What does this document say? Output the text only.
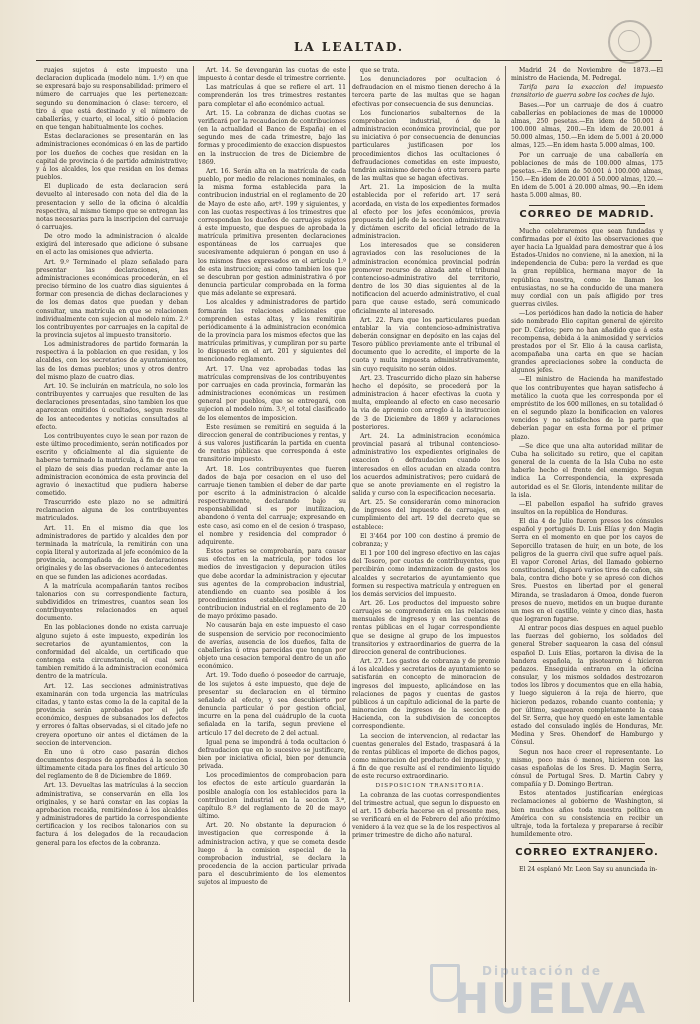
LA LEALTAD.

ruajes sujetos á este impuesto una declaracion duplicada (modelo núm. 1.º) en que se expresará bajo su responsabilidad: primero el número de carruajes que les pertenezcan: segundo su denominacion ó clase: tercero, el tiro á que está destinado y el número de caballerías, y cuarto, el local, sitio ó poblacion en que tengan habitualmente los coches.

Estas declaraciones se presentarán en las administraciones económicas ó en las de partido por los dueños de coches que residan en la capital de provincia ó de partido administrativo; y á los alcaldes, los que residan en los demas pueblos.

El duplicado de esta declaracion será devuelto al interesado con nota del dia de la presentacion y sello de la oficina ó alcaldía respectiva, al mismo tiempo que se entregan las notas necesarias para la inscripcion del carruaje ó carruajes.

De otro modo la administracion ó alcalde exigirá del interesado que adicione ó subsane en el acto las omisiones que advierta.

Art. 9.º Terminado el plazo señalado para presentar las declaraciones, las administraciones económicas procederán, en el preciso término de los cuatro dias siguientes á formar con presencia de dichas declaraciones y de los demas datos que puedan y deban consultar, una matrícula en que se relacionen individualmente con sujecion al modelo núm. 2.º los contribuyentes por carruajes en la capital de la provincia sujetos al impuesto transitorio.

Los administradores de partido formarán la respectiva á la poblacion en que residan, y los alcaldes, con los secretarios de ayuntamientos, las de los demas pueblos; unos y otros dentro del mismo plazo de cuatro dias.

Art. 10. Se incluirán en matrícula, no solo los contribuyentes y carruajes que resulten de las declaraciones presentadas, sino tambien los que aparezcan omitidos ú ocultados, segun resulte de los antecedentes y noticias consultados al efecto.

Los contribuyentes cuyo le sean por razon de este último procedimiento, serán notificados por escrito y oficialmente al dia siguiente de haberse terminado la matrícula, á fin de que en el plazo de seis dias puedan reclamar ante la administracion económica de esta provincia del agravio ó inexactitud que pudiera haberse cometido.

Trascurrido este plazo no se admitirá reclamacion alguna de los contribuyentes matriculados.

Art. 11. En el mismo dia que los administradores de partido y alcaldes den por terminada la matrícula, la remitirán con una copia literal y autorizada al jefe económico de la provincia, acompañada de las declaraciones originales y de las observaciones ó antecedentes en que se funden las adiciones acordadas.

A la matrícula acompañarán tantos recibos talonarios con su correspondiente factura, subdivididos en trimestres, cuantos sean los contribuyentes relacionados en aquel documento.

En las poblaciones donde no exista carruaje alguno sujeto á este impuesto, expedirán los secretarios de ayuntamientos, con la conformidad del alcalde, un certificado que contenga esta circunstancia, el cual será tambien remitido á la administracion económica dentro de la matrícula.

Art. 12. Las secciones administrativas examinarán con toda urgencia las matrículas citadas, y tanto estas como la de la capital de la provincia serán aprobadas por el jefe económico, despues de subsanados los defectos y errores ó faltas observadas, si el citado jefe no creyera oportuno oir antes el dictámen de la seccion de intervencion.

En uno ú otro caso pasarán dichos documentos despues de aprobados á la seccion últimamente citada para los fines del artículo 30 del reglamento de 8 de Diciembre de 1869.

Art. 13. Devueltas las matrículas á la seccion administrativa, se conservarán en ella los originales, y se hará constar en las copias la aprobacion recaida, remitiéndose á los alcaldes y administradores de partido la correspondiente certificacion y los recibos talonarios con su factura á los delegados de la recaudacion general para los efectos de la cobranza.

Art. 14. Se devengarán las cuotas de este impuesto á contar desde el trimestre corriente.

Las matrículas á que se refiere el art. 11 comprenderán los tres trimestres restantes para completar el año económico actual.

Art. 15. La cobranza de dichas cuotas se verificará por la recaudacion de contribuciones (en la actualidad el Banco de España) en el segundo mes de cada trimestre, bajo las formas y procedimiento de exaccion dispuestos en la instruccion de tres de Diciembre de 1869.

Art. 16. Serán alta en la matrícula de cada pueblo, por medio de relaciones nominales, en la misma forma establecida para la contribucion industrial en el reglamento de 20 de Mayo de este año, artº. 199 y siguientes, y con las cuotas respectivas á los trimestres que correspondan los dueños de carruajes sujetos á este impuesto, que despues de aprobada la matrícula primitiva presenten declaraciones espontáneas de los carruajes que sucesivamente adquieran ó pongan en uso á los mismos fines expresados en el artículo 1.º de esta instruccion; asi como tambien los que se descubran por gestion administrativa ó por denuncia particular comprobada en la forma que más adelante se expresará.

Los alcaldes y administradores de partido formarán las relaciones adicionales que comprenden estas altas, y las remitirán periódicamente á la administracion económica de la provincia para los mismos efectos que las matrículas primitivas, y cumpliran por su parte lo dispuesto en el art. 201 y siguientes del mencionado reglamento.

Art. 17. Una vez aprobadas todas las matrículas comprensivas de los contribuyentes por carruajes en cada provincia, formarán las administraciones económicas un resúmen general por pueblos, que se entregará, con sujecion al modelo núm. 3.º, el total clasificado de los elementos de imposicion.

Este resúmen se remitirá en seguida á la direccion general de contribuciones y rentas, y á sus valores justificarán la partida en cuenta de rentas públicas que corresponda á este transitorio impuesto.

Art. 18. Los contribuyentes que fueren dados de baja por cesacion en el uso del carruaje tienen tambien el deber de dar parte por escrito á la administracion ó alcalde respectivamente, declarando bajo su responsabilidad si es por inutilizacion, abandono ó venta del carruaje; expresando en este caso, asi como en el de cesion ó traspaso, el nombre y residencia del comprador ó adquirente.

Estos partes se comprobarán, para causar sus efectos en la matrícula, por todos los medios de investigacion y depuracion útiles que debe acordar la administracion y ejecutar sus agentes de la comprobacion industrial, atendiendo en cuanto sea posible á los procedimientos establecidos para la contribucion industrial en el reglamento de 20 de mayo próximo pasado.

No causarán baja en este impuesto el caso de suspension de servicio por reconocimiento de averías, ausencia de los dueños, falta de caballerías ú otras parecidas que tengan por objeto una cesacion temporal dentro de un año económico.

Art. 19. Todo dueño ó poseedor de carruaje, de los sujetos á este impuesto, que deje de presentar su declaracion en el término señalado al efecto, y sea descubierto por denuncia particular ó por gestion oficial, incurre en la pena del cuádruplo de la cuota señalada en la tarifa, segun previene el artículo 17 del decreto de 2 del actual.

Igual pena se impondrá á toda ocultacion ó defraudacion que en lo sucesivo se justificare, bien por iniciativa oficial, bien por denuncia privada.

Los procedimientos de comprobacion para los efectos de este artículo guardarán la posible analogía con los establecidos para la contribucion industrial en la seccion 3.ª, capítulo 8.º del reglamento de 20 de mayo último.

Art. 20. No obstante la depuracion ó investigacion que corresponde á la administracion activa, y que se cometa desde luego á la comision especial de la comprobacion industrial, se declara la procedencia de la accion particular privada para el descubrimiento de los elementos sujetos al impuesto de

que se trata.

Los denunciadores por ocultacion ó defraudacion en el mismo tienen derecho á la tercera parte de las multas que se hagan efectivas por consecuencia de sus denuncias.

Los funcionarios subalternos de la comprobacion industrial, ó de la administracion económica provincial, que por su iniciativa ó por consecuencia de denuncias particulares justificasen por los procedimientos dichos las ocultaciones ó defraudaciones cometidas en este impuesto, tendrán asimismo derecho á otra tercera parte de las multas que se hagan efectivas.

Art. 21. La imposicion de la multa establecida por el referido art. 17 será acordada, en vista de los expedientes formados al efecto por los jefes económicos, previa propuesta del jefe de la seccion administrativa y dictámen escrito del oficial letrado de la administracion.

Los interesados que se consideren agraviados con las resoluciones de la administracion económica provincial podrán promover recurso de alzada ante el tribunal contencioso-administrativo del territorio, dentro de los 30 dias siguientes al de la notificacion del acuerdo administrativo, el cual para que cause estado, será comunicado oficialmente al interesado.

Art. 22. Para que los particulares puedan entablar la via contencioso-administrativa deberán consignar en depósito en las cajas del Tesoro público previamente ante el tribunal el documento que lo acredite, el importe de la cuota y multa impuesta administrativamente, sin cuyo requisito no serán oidos.

Art. 23. Trascurrido dicho plazo sin haberse hecho el depósito, se procederá por la administracion á hacer efectivas la cuota y multa, empleando al efecto en caso necesario la via de apremio con arreglo á la instruccion de 3 de Diciembre de 1869 y aclaraciones posteriores.

Art. 24. La administracion económica provincial pasará al tribunal contencioso-administrativo los expedientes originales de exaccion ó defraudacion cuando los interesados en ellos acudan en alzada contra los acuerdos administrativos; pero cuidará de que se anote previamente en el registro la salida y curso con la especificacion necesaria.

Art. 25. Se considerarán como minoracion de ingresos del impuesto de carruajes, en cumplimiento del art. 19 del decreto que se establece:

El 3'464 por 100 con destino á premio de cobranza; y

El 1 por 100 del ingreso efectivo en las cajas del Tesoro, por cuotas de contribuyentes, que percibirán como indemnizacion de gastos los alcaldes y secretarios de ayuntamiento que formen su respectiva matrícula y entreguen en los demás servicios del impuesto.

Art. 26. Los productos del impuesto sobre carruajes se comprenderán en las relaciones mensuales de ingresos y en las cuentas de rentas públicas en el lugar correspondiente que se designe al grupo de los impuestos transitorios y extraordinarios de guerra de la direccion general de contribuciones.

Art. 27. Los gastos de cobranza y de premio á los alcaldes y secretarios de ayuntamiento se satisfarán en concepto de minoracion de ingresos del impuesto, aplicándose en las relaciones de pagos y cuentas de gastos públicos á un capítulo adicional de la parte de minoracion de ingresos de la seccion de Hacienda, con la subdivision de conceptos correspondiente.

La seccion de intervencion, al redactar las cuentas generales del Estado, traspasará á la de rentas públicas el importe de dichos pagos, como minoracion del producto del impuesto, y á fin de que resulte así el rendimiento líquido de este recurso extraordinario.

DISPOSICION TRANSITORIA.

La cobranza de las cuotas correspondientes del trimestre actual, que segun lo dispuesto en el art. 15 debería hacerse en el presente mes, se verificará en el de Febrero del año próximo venidero á la vez que se la de los respectivos al primer trimestre de dicho año natural.

Madrid 24 de Noviembre de 1873.—El ministro de Hacienda, M. Pedregal.

Tarifa para la exaccion del impuesto transitorio de guerra sobre los coches de lujo.

Bases.—Por un carruaje de dos á cuatro caballerías en poblaciones de mas de 100000 almas, 250 pesetas.—En idem de 50.001 á 100.000 almas, 200.—En idem de 20.001 á 50.000 almas, 150.—En idem de 5.001 á 20.000 almas, 125.—En idem hasta 5.000 almas, 100.

Por un carruaje de una caballería en poblaciones de más de 100.000 almas, 175 pesetas.—En idem de 50.001 á 100.000 almas, 150.—En idem de 20.001 á 50.000 almas, 120.—En idem de 5.001 á 20.000 almas, 90.—En idem hasta 5.000 almas, 80.

CORREO DE MADRID.

Mucho celebraremos que sean fundadas y confirmadas por el éxito las observaciones que ayer hacia La Igualdad para demostrar que á los Estados-Unidos no conviene, ni la anexion, ni la independencia de Cuba: pero la verdad es que la gran república, hermana mayor de la república nuestra, como le llaman los entusiastas, no se ha conducido de una manera muy cordial con un país afligido por tres guerras civiles.

—Los periódicos han dado la noticia de haber sido nombrado Elio capitan general de ejército por D. Cárlos; pero no han añadido que á esta recompensa, debida á la animosidad y servicios prestados por el Sr. Elio á la causa carlista, acompañaba una carta en que se hacían grandes apreciaciones sobre la conducta de algunos jefes.

—El ministro de Hacienda ha manifestado que los contribuyentes que hayan satisfecho á metálico la cuota que les corresponda por el empréstito de los 600 millones, en su totalidad ó en el segundo plazo la bonificacion en valores vencidos y no satisfechos de la parte que deberían pagar en esta forma por el primer plazo.

—Se dice que una alta autoridad militar de Cuba ha solicitado su retiro, que el capitan general de la cuenta de la Isla Cuba no este haberle hecho el frente del enemigo. Segun indica La Correspondencia, la expresada autoridad es el Sr. Gloris, intendente militar de la isla.

—El pabellon español ha sufrido graves insultos en la república de Honduras.

El dia 4 de Julio fueron presos los cónsules español y portugués D. Luis Elías y don Magin Serra en el momento en que por los cayos de Seporcillo tratasen de huir, en un bote, de los peligros de la guerra civil que sufre aquel país. El vapor Coronel Arias, del llamado gobierno constitucional, disparó varios tiros de cañon, sin bala, contra dicho bote y se apresó con dichos Sres. Puestos en libertad por el general Miranda, se trasladaron á Omoa, donde fueron presos de nuevo, metidos en un buque durante un mes en el castillo, veinte y cinco dias, hasta que lograron fugarse.

Al entrar pocos dias despues en aquel pueblo las fuerzas del gobierno, los soldados del general Streber saquearon la casa del cónsul español D. Luis Elías, portaron la divisa de la bandera española, la pisotearon é hicieron pedazos. Enseguida entraron en la oficina consular, y los mismos soldados destrozaron todos los libros y documentos que en ella habia, y luego siguieron á la reja de hierro, que hicieron pedazos, robando cuanto contenia; y por último, saquearon completamente la casa del Sr. Serra, que hoy quedó en este lamentable estado del consulado inglés de Honduras, Mr. Medina y Sres. Ohendorf de Hamburgo y Cónsul.

Segun nos hace creer el representante. Lo mismo, poco más ó menos, hicieron con las casas españolas de los Sres. D. Magin Serra, cónsul de Portugal Sres. D. Martin Cabry y compañía y D. Domingo Bertran.

Estos atentados justificarían enérgicas reclamaciones al gobierno de Washington, si bien muchos años toda nuestra política en América con su consistencia en recibir un ultraje, toda la fortaleza y prepararse á recibir humildemente otro.

CORREO EXTRANJERO.

El 24 esplanó Mr. Leon Say su anunciada in-

Diputación de
HUELVA
